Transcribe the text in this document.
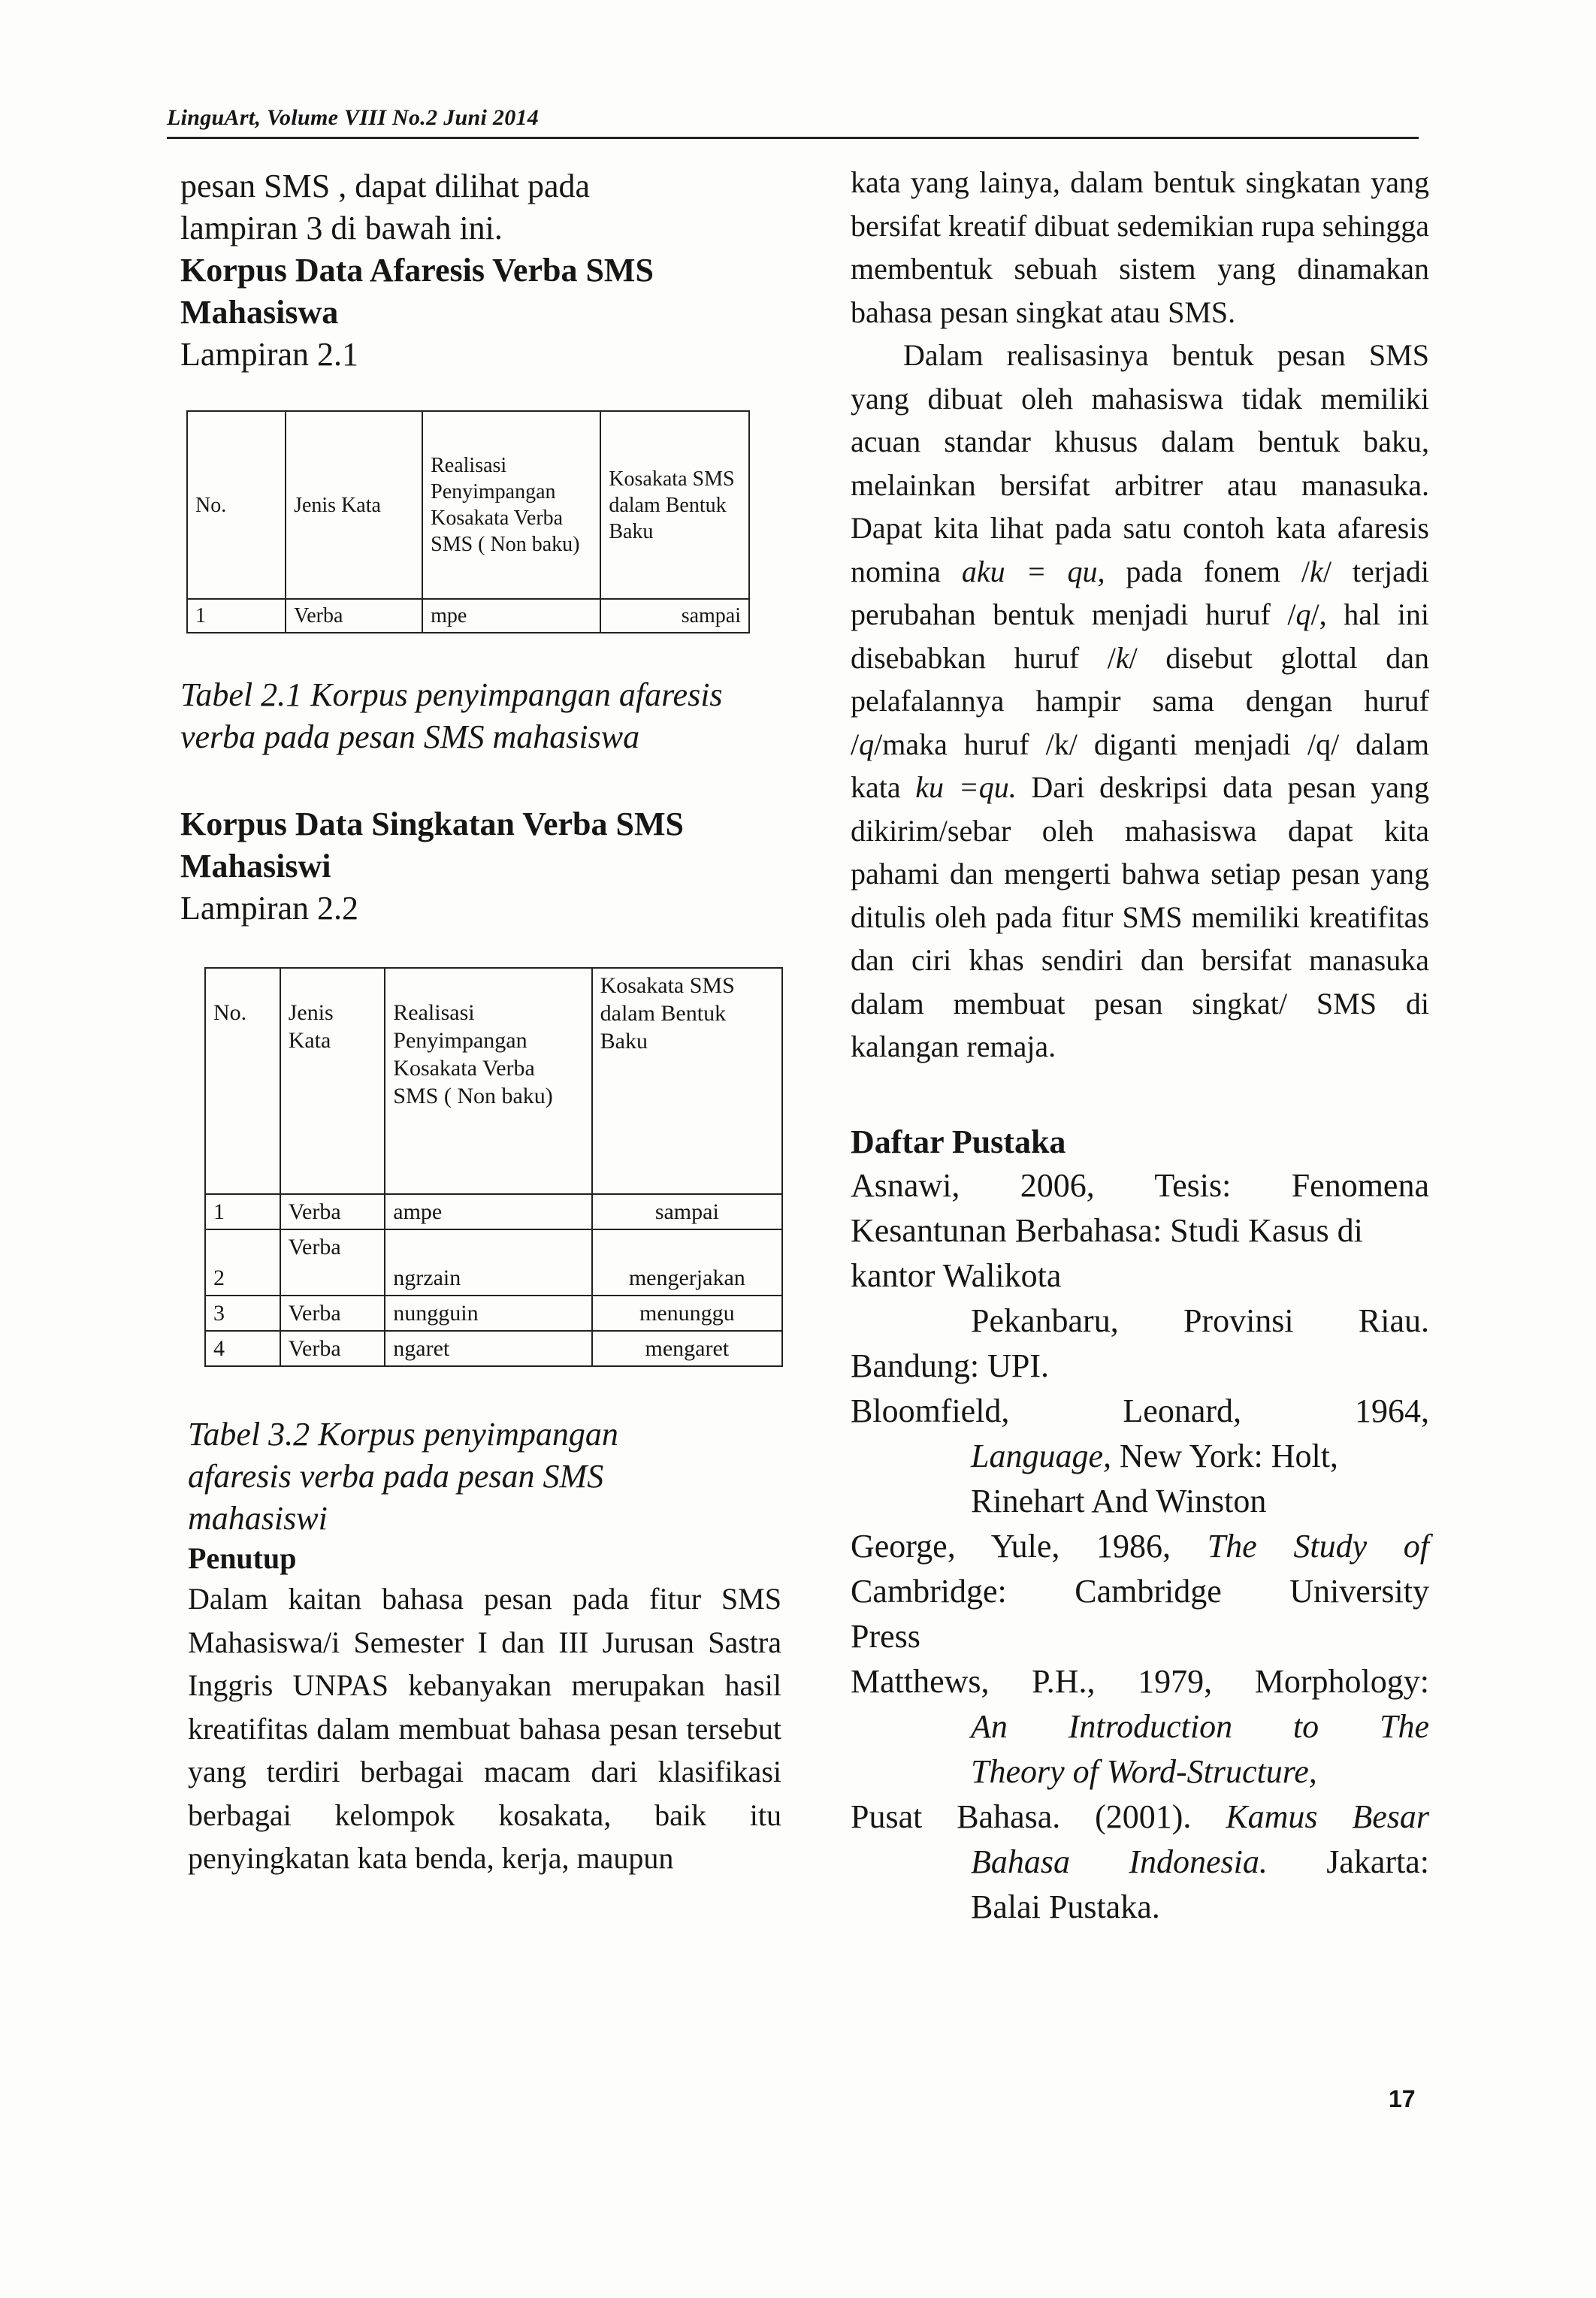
LinguArt, Volume VIII No.2 Juni 2014

pesan SMS , dapat dilihat pada

lampiran 3 di bawah ini.

Korpus Data Afaresis Verba SMS Mahasiswa

Lampiran 2.1

No.	Jenis Kata	Realisasi Penyimpangan Kosakata Verba SMS ( Non baku)	Kosakata SMS dalam Bentuk Baku
1	Verba	mpe	sampai

Tabel 2.1 Korpus penyimpangan afaresis verba pada pesan SMS mahasiswa

Korpus Data Singkatan Verba SMS Mahasiswi

Lampiran 2.2

No.	Jenis Kata	Realisasi Penyimpangan Kosakata Verba SMS ( Non baku)	Kosakata SMS dalam Bentuk Baku
1	Verba	ampe	sampai
2	Verba	ngrzain	mengerjakan
3	Verba	nungguin	menunggu
4	Verba	ngaret	mengaret

Tabel 3.2 Korpus penyimpangan afaresis verba pada pesan SMS mahasiswi

Penutup

Dalam kaitan bahasa pesan pada fitur SMS Mahasiswa/i Semester I dan III Jurusan Sastra Inggris UNPAS kebanyakan merupakan hasil kreatifitas dalam membuat bahasa pesan tersebut yang terdiri berbagai macam dari klasifikasi berbagai kelompok kosakata, baik itu penyingkatan kata benda, kerja, maupun

kata yang lainya, dalam bentuk singkatan yang bersifat kreatif dibuat sedemikian rupa sehingga membentuk sebuah sistem yang dinamakan bahasa pesan singkat atau SMS.

Dalam realisasinya bentuk pesan SMS yang dibuat oleh mahasiswa tidak memiliki acuan standar khusus dalam bentuk baku, melainkan bersifat arbitrer atau manasuka. Dapat kita lihat pada satu contoh kata afaresis nomina aku = qu, pada fonem /k/ terjadi perubahan bentuk menjadi huruf /q/, hal ini disebabkan huruf /k/ disebut glottal dan pelafalannya hampir sama dengan huruf /q/maka huruf /k/ diganti menjadi /q/ dalam kata ku =qu. Dari deskripsi data pesan yang dikirim/sebar oleh mahasiswa dapat kita pahami dan mengerti bahwa setiap pesan yang ditulis oleh pada fitur SMS memiliki kreatifitas dan ciri khas sendiri dan bersifat manasuka dalam membuat pesan singkat/ SMS di kalangan remaja.

Daftar Pustaka

Asnawi, 2006, Tesis: Fenomena
Kesantunan Berbahasa: Studi Kasus di
kantor Walikota
Pekanbaru, Provinsi Riau.
Bandung: UPI.
Bloomfield, Leonard, 1964,
Language, New York: Holt,
Rinehart And Winston
George, Yule, 1986, The Study of
Cambridge: Cambridge University
Press
Matthews, P.H., 1979, Morphology:
An Introduction to The
Theory of Word-Structure,
Pusat Bahasa. (2001). Kamus Besar
Bahasa Indonesia. Jakarta:
Balai Pustaka.
17
